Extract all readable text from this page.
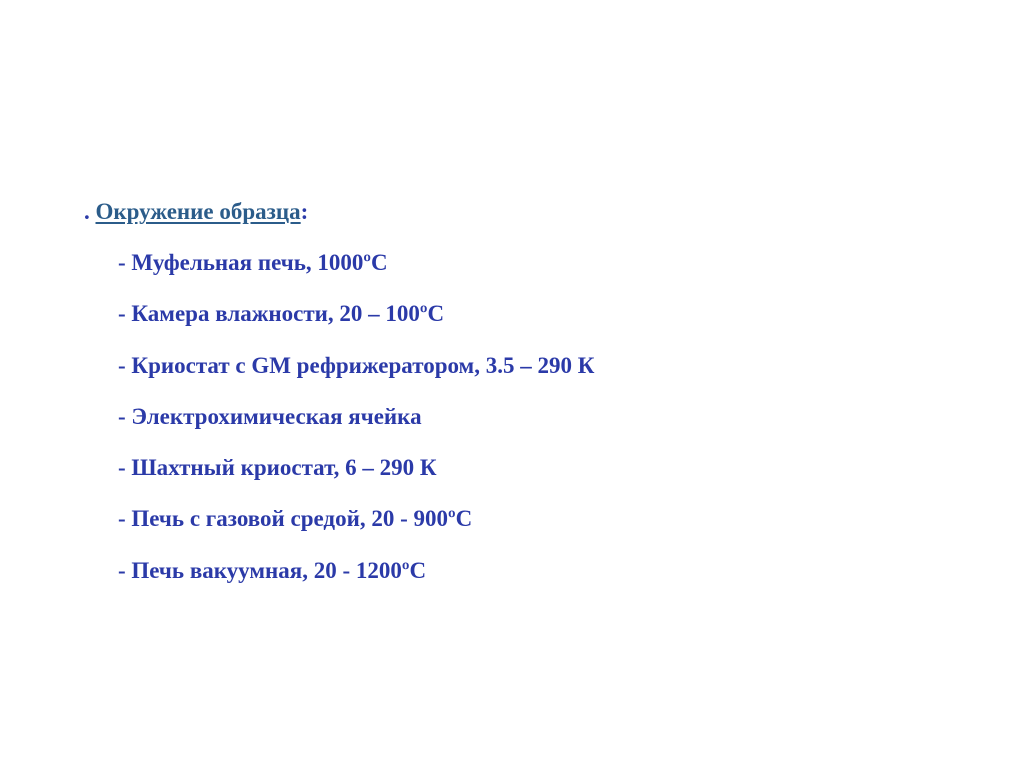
. Окружение образца:
- Муфельная печь, 1000ºС
- Камера влажности, 20 – 100ºС
- Криостат с GM рефрижератором, 3.5 – 290 К
- Электрохимическая ячейка
- Шахтный криостат, 6 – 290 К
- Печь с газовой средой, 20 - 900ºС
- Печь вакуумная, 20 - 1200ºС
